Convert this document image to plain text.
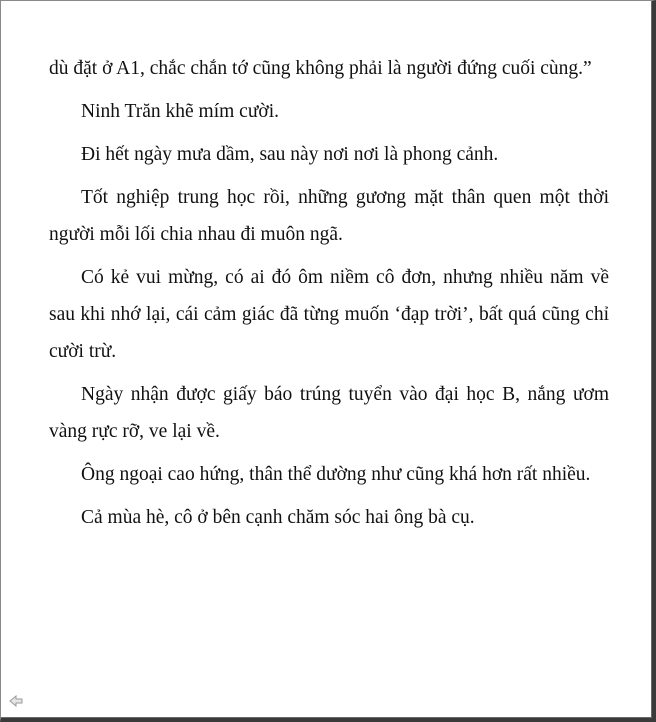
dù đặt ở A1, chắc chắn tớ cũng không phải là người đứng cuối cùng.”

Ninh Trăn khẽ mím cười.

Đi hết ngày mưa dầm, sau này nơi nơi là phong cảnh.

Tốt nghiệp trung học rồi, những gương mặt thân quen một thời người mỗi lối chia nhau đi muôn ngã.

Có kẻ vui mừng, có ai đó ôm niềm cô đơn, nhưng nhiều năm về sau khi nhớ lại, cái cảm giác đã từng muốn ‘đạp trời’, bất quá cũng chỉ cười trừ.

Ngày nhận được giấy báo trúng tuyển vào đại học B, nắng ươm vàng rực rỡ, ve lại về.

Ông ngoại cao hứng, thân thể dường như cũng khá hơn rất nhiều.

Cả mùa hè, cô ở bên cạnh chăm sóc hai ông bà cụ.
